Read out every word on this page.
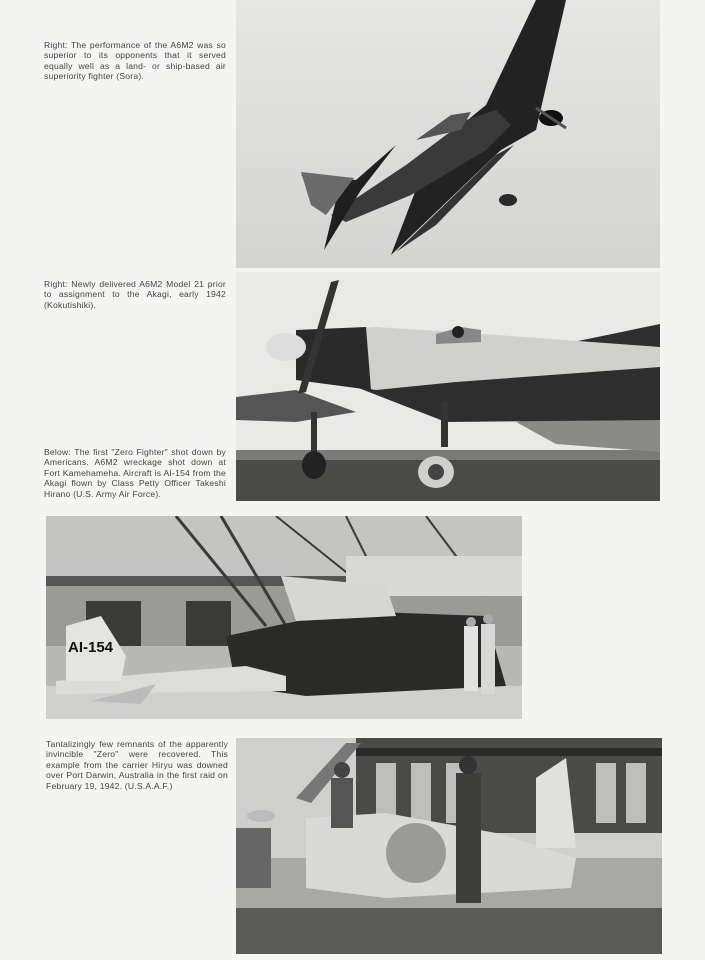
Right: The performance of the A6M2 was so superior to its opponents that it served equally well as a land- or ship-based air superiority fighter (Sora).
Right: Newly delivered A6M2 Model 21 prior to assignment to the Akagi, early 1942 (Kokutishiki).
Below: The first "Zero Fighter" shot down by Americans. A6M2 wreckage shot down at Fort Kamehameha. Aircraft is AI-154 from the Akagi flown by Class Petty Officer Takeshi Hirano (U.S. Army Air Force).
AI-154
Tantalizingly few remnants of the apparently invincible "Zero" were recovered. This example from the carrier Hiryu was downed over Port Darwin, Australia in the first raid on February 19, 1942. (U.S.A.A.F.)
